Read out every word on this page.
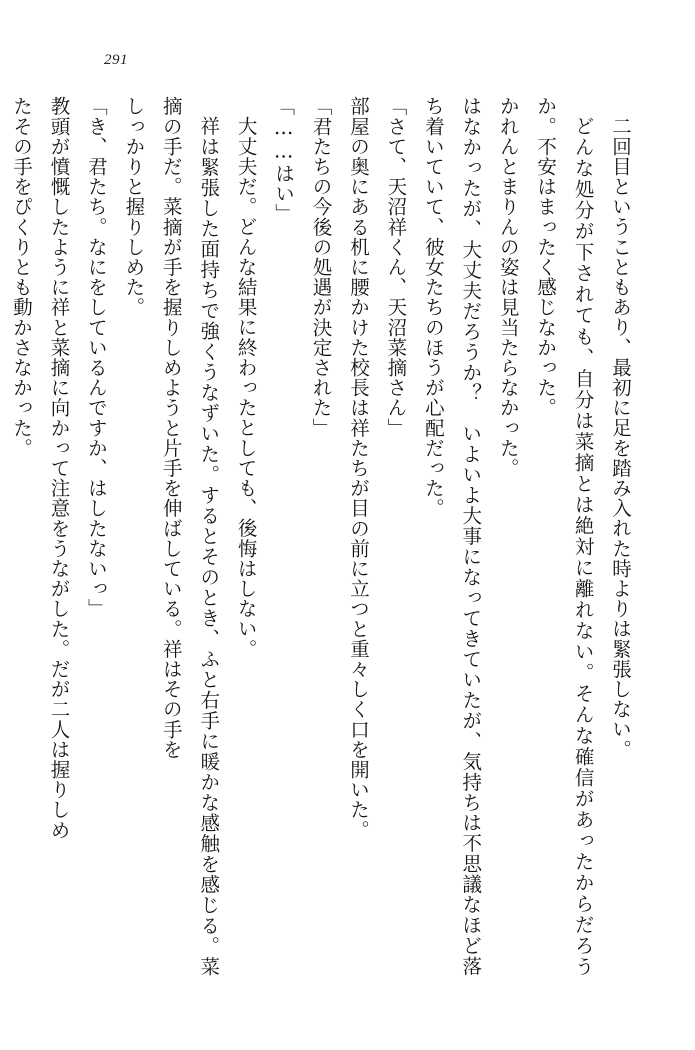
291

二回目ということもあり、最初に足を踏み入れた時よりは緊張しない。

どんな処分が下されても、自分は菜摘とは絶対に離れない。そんな確信があったからだろうか。不安はまったく感じなかった。

かれんとまりんの姿は見当たらなかった。

はなかったが、大丈夫だろうか？　いよいよ大事になってきていたが、気持ちは不思議なほど落ち着いていて、彼女たちのほうが心配だった。

「さて、天沼祥くん、天沼菜摘さん」

部屋の奥にある机に腰かけた校長は祥たちが目の前に立つと重々しく口を開いた。

「君たちの今後の処遇が決定された」

「……はい」

大丈夫だ。どんな結果に終わったとしても、後悔はしない。

祥は緊張した面持ちで強くうなずいた。するとそのとき、ふと右手に暖かな感触を感じる。菜摘の手だ。菜摘が手を握りしめようと片手を伸ばしている。祥はその手を

しっかりと握りしめた。

「き、君たち。なにをしているんですか、はしたないっ」

教頭が憤慨したように祥と菜摘に向かって注意をうながした。だが二人は握りしめ

たその手をぴくりとも動かさなかった。
